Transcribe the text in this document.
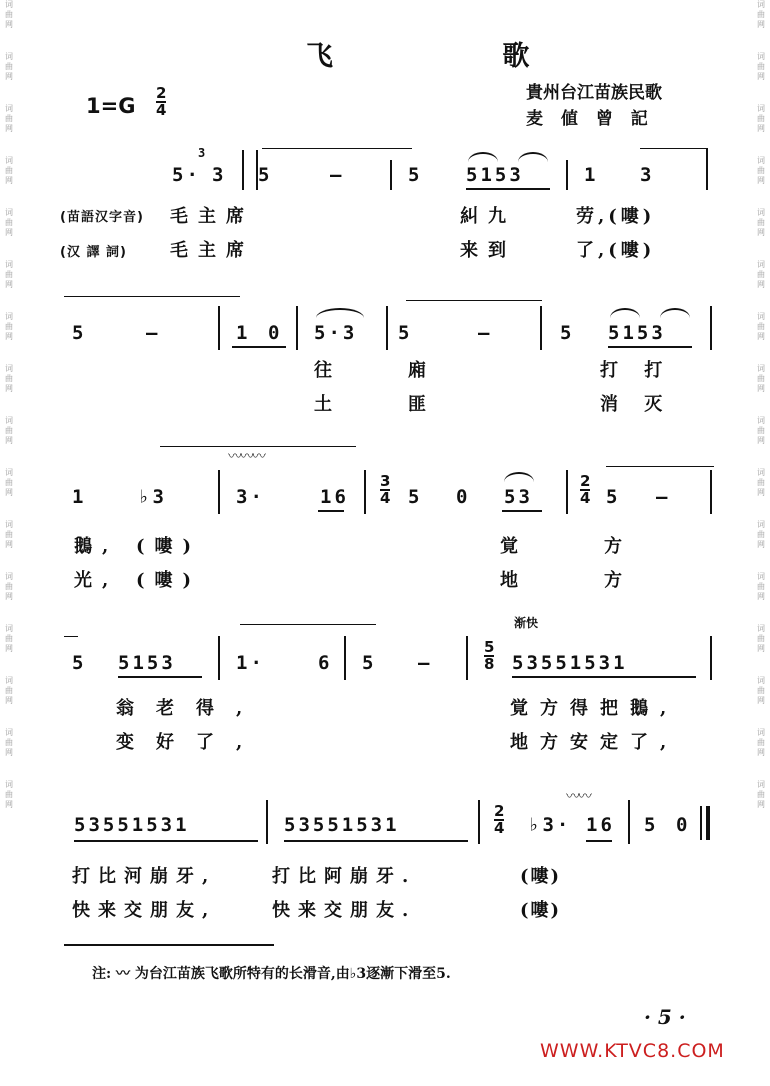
词
曲
网
词
曲
网
词
曲
网
词
曲
网
词
曲
网
词
曲
网
词
曲
网
词
曲
网
词
曲
网
词
曲
网
词
曲
网
词
曲
网
词
曲
网
词
曲
网
词
曲
网
词
曲
网
词
曲
网
词
曲
网
词
曲
网
词
曲
网
词
曲
网
词
曲
网
词
曲
网
词
曲
网
词
曲
网
词
曲
网
词
曲
网
词
曲
网
词
曲
网
词
曲
网
词
曲
网
词
曲
网
飞 歌
貴州台江苗族民歌
麦 値 曾 記
1=G
2
4
5· 3 5	–	5 5153	1 3
3
(苗語汉字音) 毛主席	糾九	劳,(嘍)
(汉 譯 詞) 毛主席	来到	了,(嘍)
5	–	1 0 5·3 5	–	5 5153
往	廂	打 打
土	匪	消 灭
1	♭3	3·	16	5 0 53	5 –
〰〰〰
3
4
2
4
鵝, (嘍)	覚	方
光, (嘍)	地	方
渐快
5 5153	1·	6 5 –	53551531
5
8
翁老得,	覚方得把鵝,
变好了,	地方安定了,
53551531	53551531	♭3· 16 5 0
〰〰
2
4
打比河崩牙,	打比阿崩牙.	(嘍)
快来交朋友,	快来交朋友.	(嘍)
注: 〰 为台江苗族飞歌所特有的长滑音,由♭3逐漸下滑至5.
· 5 ·
WWW.KTVC8.COM
